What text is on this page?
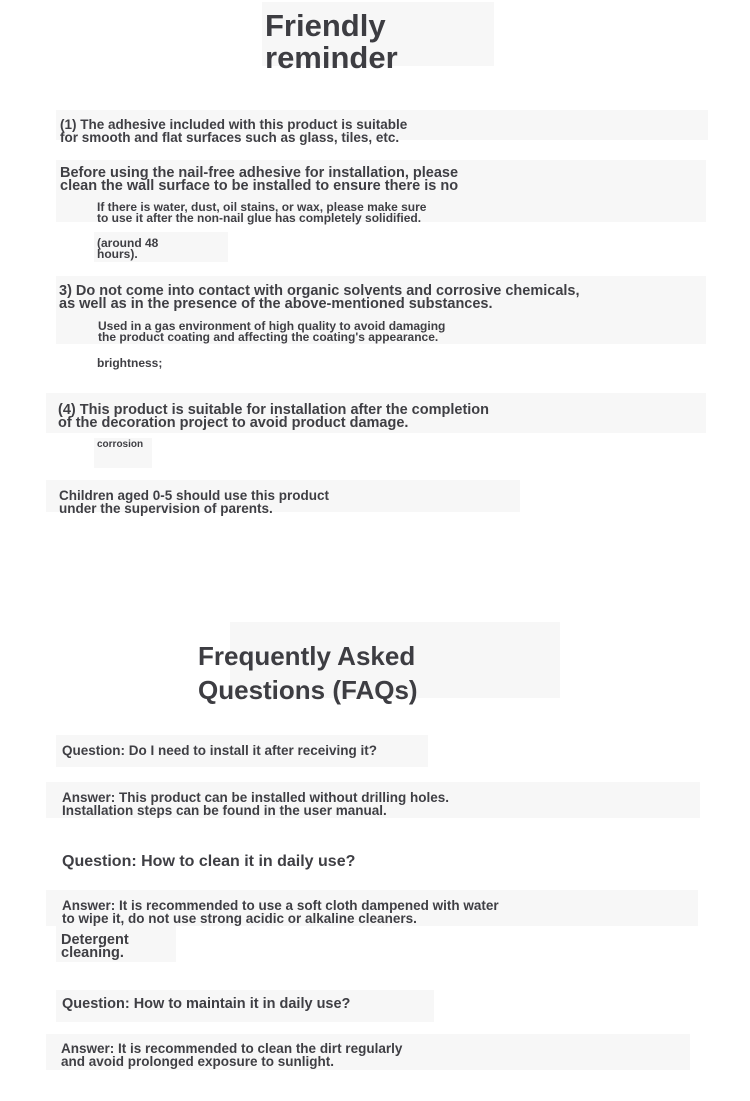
Friendly
reminder

(1) The adhesive included with this product is suitable
for smooth and flat surfaces such as glass, tiles, etc.

Before using the nail-free adhesive for installation, please
clean the wall surface to be installed to ensure there is no

If there is water, dust, oil stains, or wax, please make sure
to use it after the non-nail glue has completely solidified.

(around 48
hours).

3) Do not come into contact with organic solvents and corrosive chemicals,
as well as in the presence of the above-mentioned substances.

Used in a gas environment of high quality to avoid damaging
the product coating and affecting the coating's appearance.

brightness;

(4) This product is suitable for installation after the completion
of the decoration project to avoid product damage.

corrosion

Children aged 0-5 should use this product
under the supervision of parents.

Frequently Asked
Questions (FAQs)

Question: Do I need to install it after receiving it?

Answer: This product can be installed without drilling holes.
Installation steps can be found in the user manual.

Question: How to clean it in daily use?

Answer: It is recommended to use a soft cloth dampened with water
to wipe it, do not use strong acidic or alkaline cleaners.

Detergent
cleaning.

Question: How to maintain it in daily use?

Answer: It is recommended to clean the dirt regularly
and avoid prolonged exposure to sunlight.
